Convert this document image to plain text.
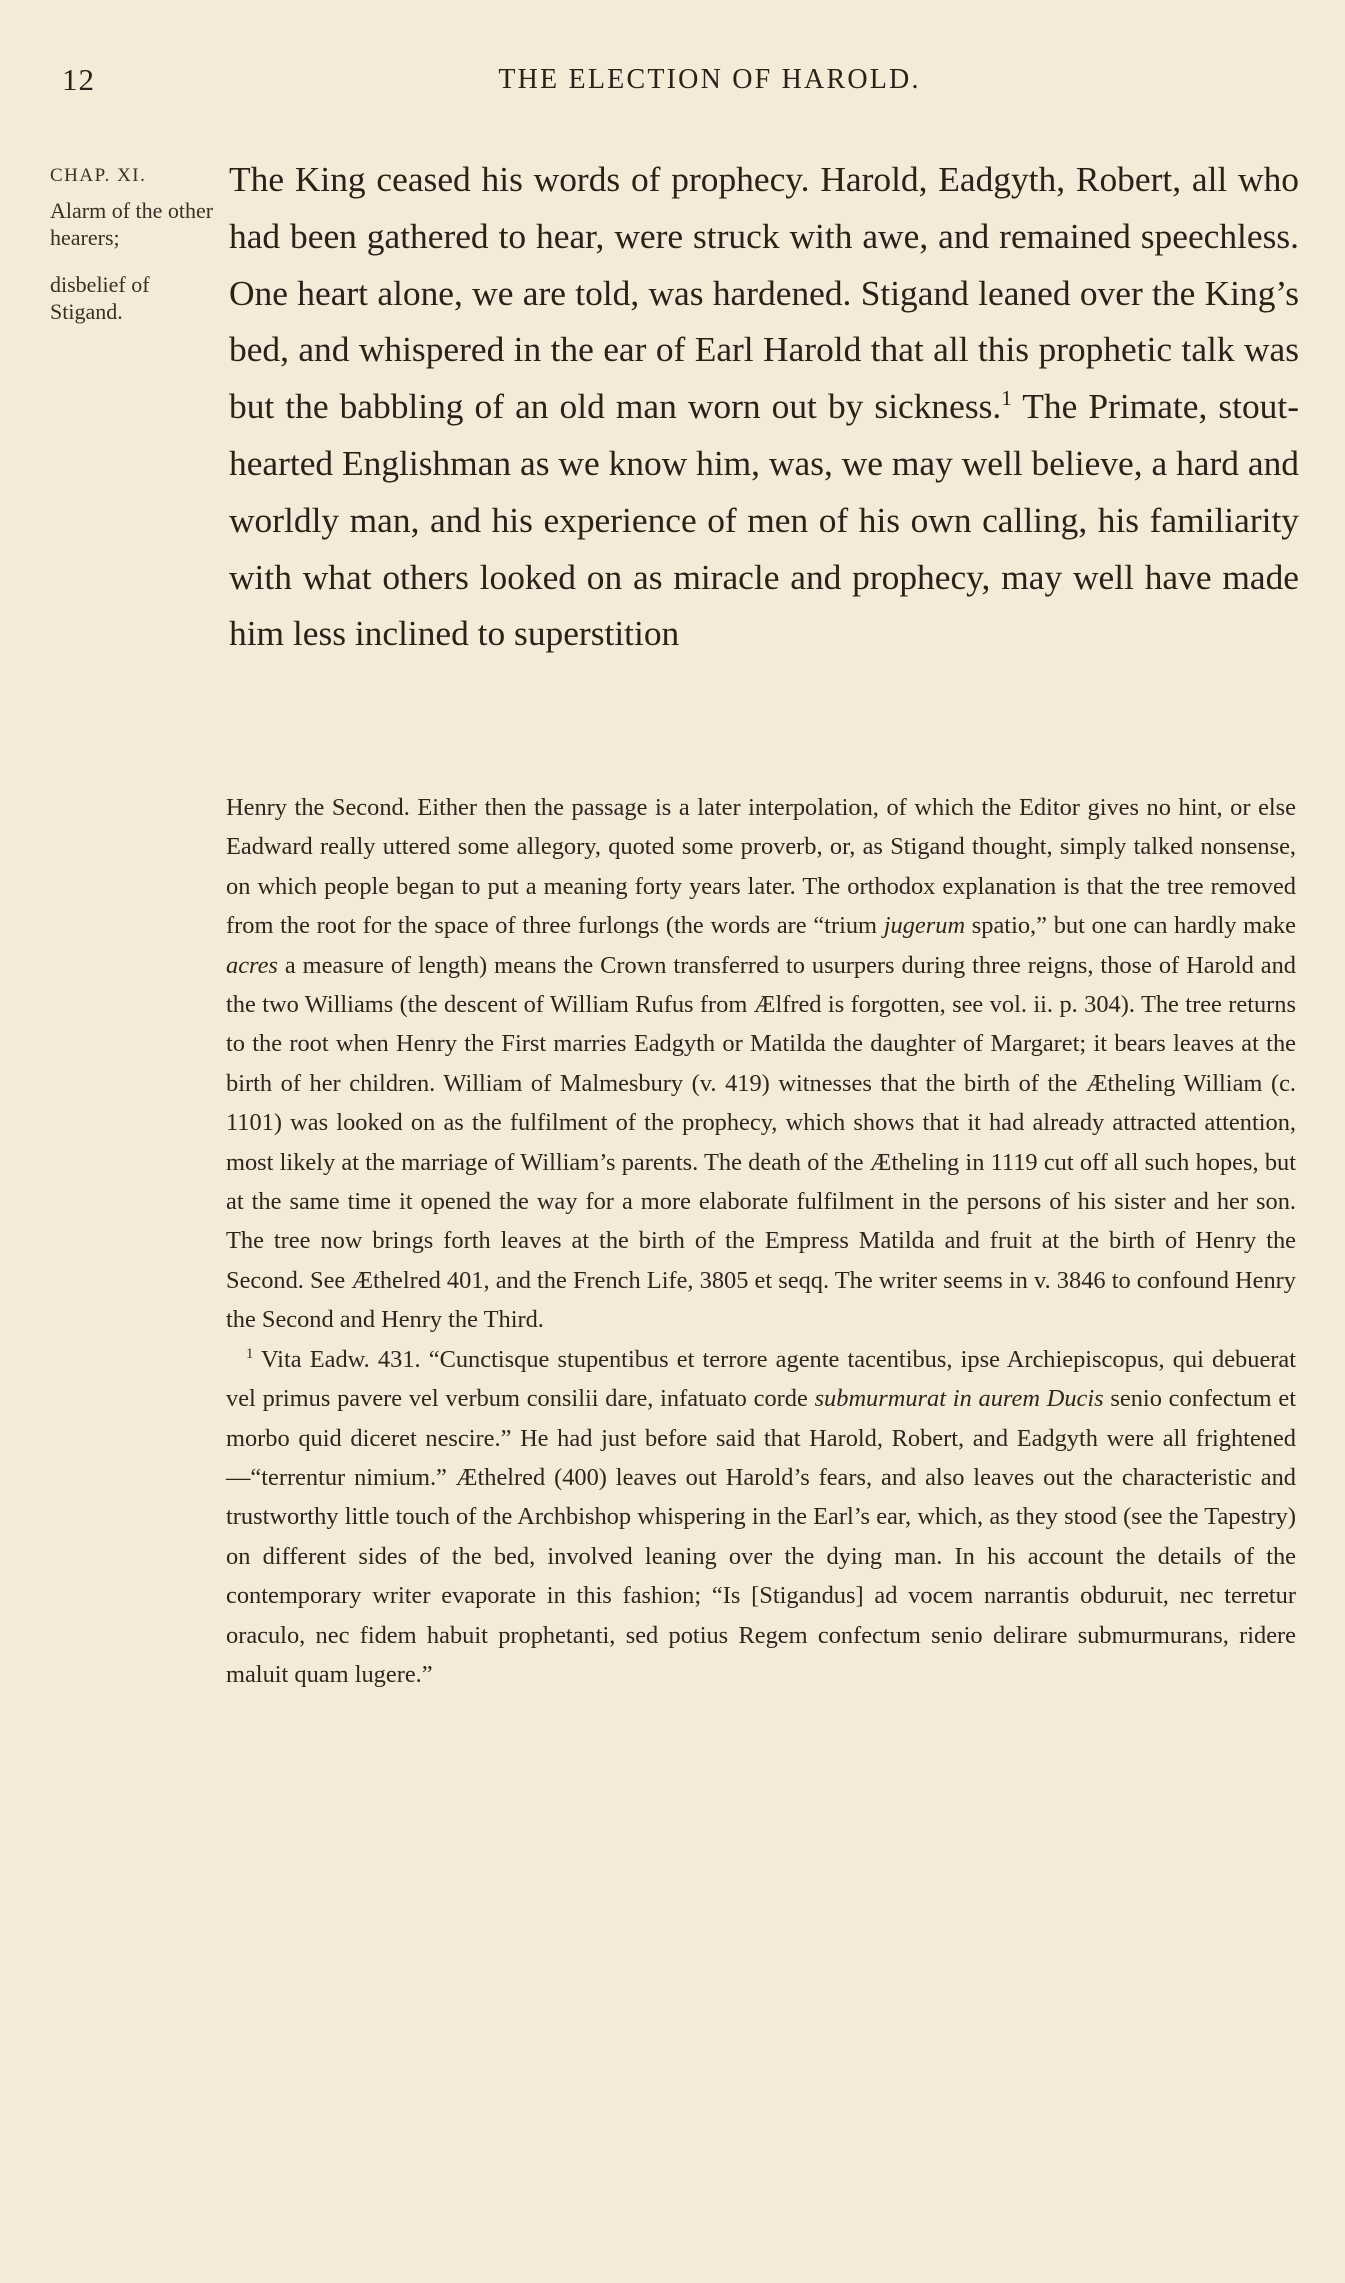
12	THE ELECTION OF HAROLD.
CHAP. XI.

Alarm of the other hearers;

disbelief of Stigand.

The King ceased his words of prophecy. Harold, Eadgyth, Robert, all who had been gathered to hear, were struck with awe, and remained speechless. One heart alone, we are told, was hardened. Stigand leaned over the King’s bed, and whispered in the ear of Earl Harold that all this prophetic talk was but the babbling of an old man worn out by sickness.$^1$ The Primate, stout-hearted Englishman as we know him, was, we may well believe, a hard and worldly man, and his experience of men of his own calling, his familiarity with what others looked on as miracle and prophecy, may well have made him less inclined to superstition

Henry the Second. Either then the passage is a later interpolation, of which the Editor gives no hint, or else Eadward really uttered some allegory, quoted some proverb, or, as Stigand thought, simply talked nonsense, on which people began to put a meaning forty years later. The orthodox explanation is that the tree removed from the root for the space of three furlongs (the words are “trium jugerum spatio,” but one can hardly make acres a measure of length) means the Crown transferred to usurpers during three reigns, those of Harold and the two Williams (the descent of William Rufus from Ælfred is forgotten, see vol. ii. p. 304). The tree returns to the root when Henry the First marries Eadgyth or Matilda the daughter of Margaret; it bears leaves at the birth of her children. William of Malmesbury (v. 419) witnesses that the birth of the Ætheling William (c. 1101) was looked on as the fulfilment of the prophecy, which shows that it had already attracted attention, most likely at the marriage of William’s parents. The death of the Ætheling in 1119 cut off all such hopes, but at the same time it opened the way for a more elaborate fulfilment in the persons of his sister and her son. The tree now brings forth leaves at the birth of the Empress Matilda and fruit at the birth of Henry the Second. See Æthelred 401, and the French Life, 3805 et seqq. The writer seems in v. 3846 to confound Henry the Second and Henry the Third.

$^1$ Vita Eadw. 431. “Cunctisque stupentibus et terrore agente tacentibus, ipse Archiepiscopus, qui debuerat vel primus pavere vel verbum consilii dare, infatuato corde submurmurat in aurem Ducis senio confectum et morbo quid diceret nescire.” He had just before said that Harold, Robert, and Eadgyth were all frightened—“terrentur nimium.” Æthelred (400) leaves out Harold’s fears, and also leaves out the characteristic and trustworthy little touch of the Archbishop whispering in the Earl’s ear, which, as they stood (see the Tapestry) on different sides of the bed, involved leaning over the dying man. In his account the details of the contemporary writer evaporate in this fashion; “Is [Stigandus] ad vocem narrantis obduruit, nec terretur oraculo, nec fidem habuit prophetanti, sed potius Regem confectum senio delirare submurmurans, ridere maluit quam lugere.”
